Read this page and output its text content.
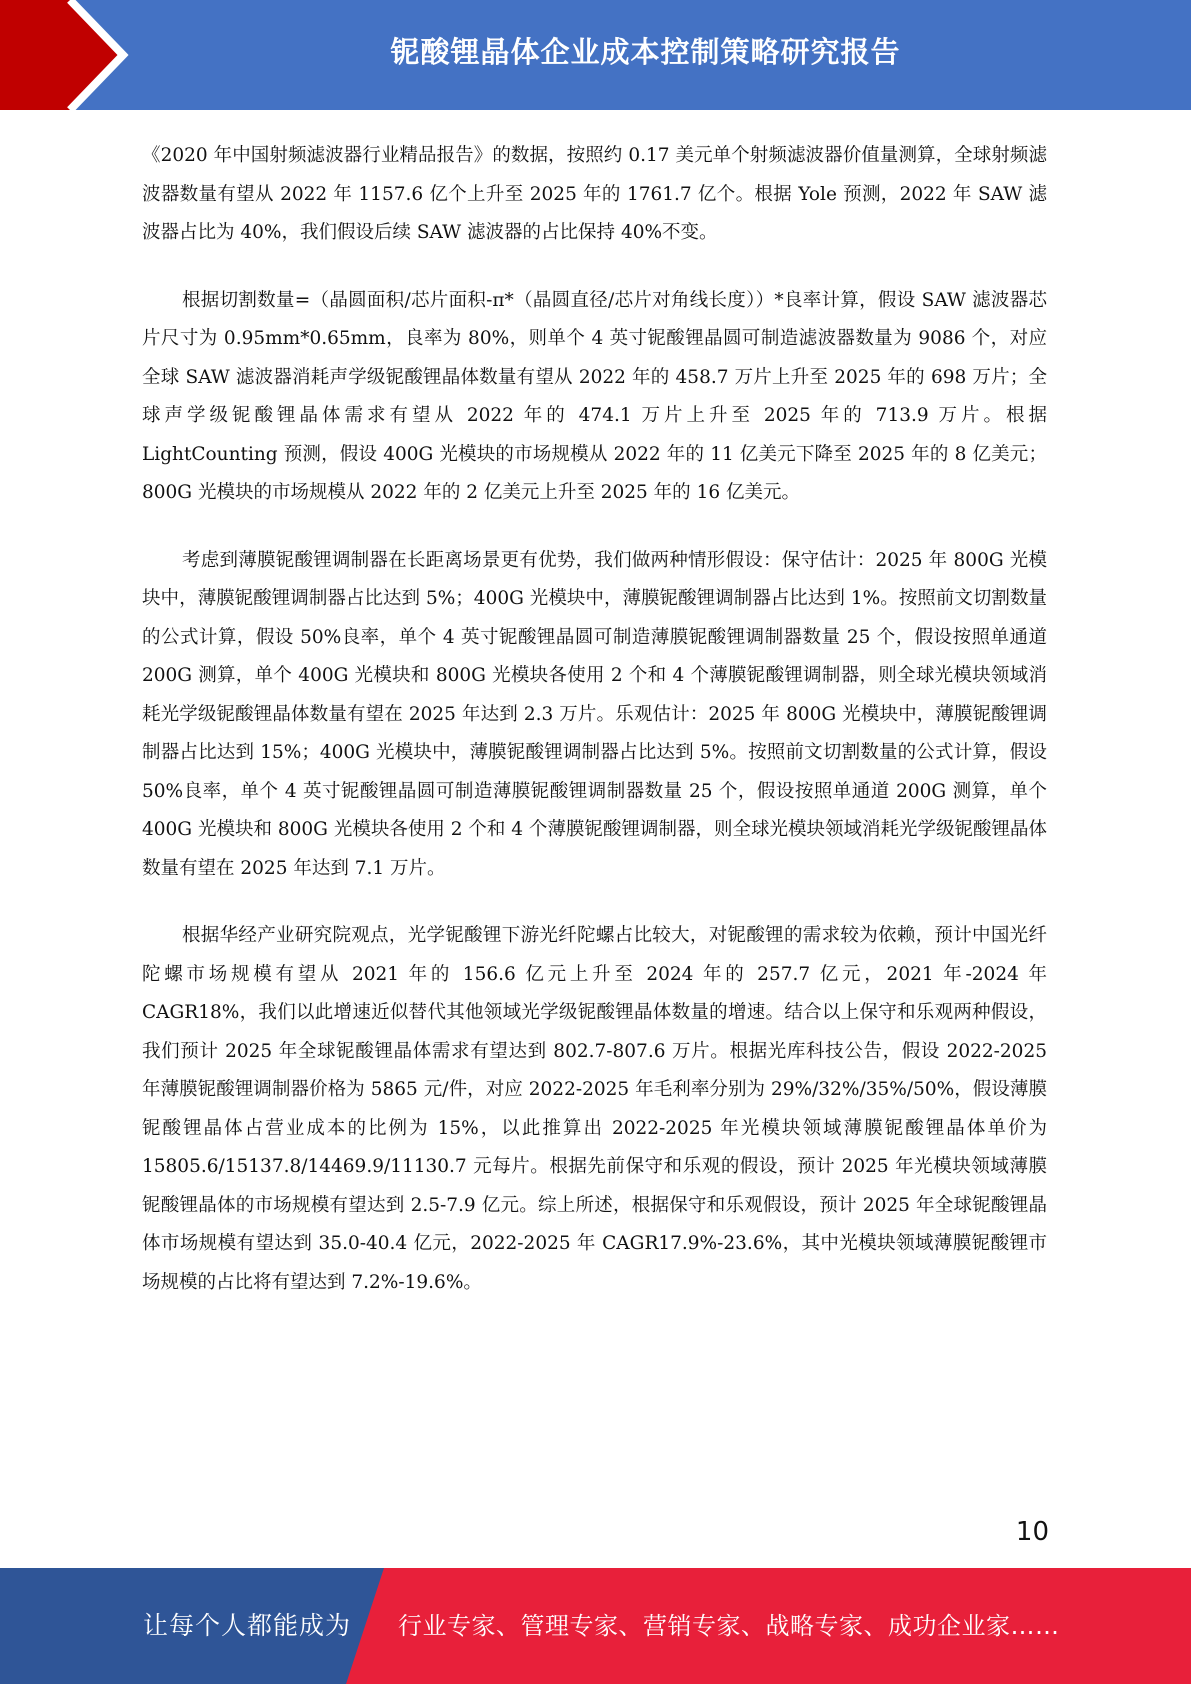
铌酸锂晶体企业成本控制策略研究报告

《2020 年中国射频滤波器行业精品报告》的数据，按照约 0.17 美元单个射频滤波器价值量测算，全球射频滤波器数量有望从 2022 年 1157.6 亿个上升至 2025 年的 1761.7 亿个。根据 Yole 预测，2022 年 SAW 滤波器占比为 40%，我们假设后续 SAW 滤波器的占比保持 40%不变。

根据切割数量=（晶圆面积/芯片面积-π*（晶圆直径/芯片对角线长度））*良率计算，假设 SAW 滤波器芯片尺寸为 0.95mm*0.65mm，良率为 80%，则单个 4 英寸铌酸锂晶圆可制造滤波器数量为 9086 个，对应全球 SAW 滤波器消耗声学级铌酸锂晶体数量有望从 2022 年的 458.7 万片上升至 2025 年的 698 万片；全球声学级铌酸锂晶体需求有望从 2022 年的 474.1 万片上升至 2025 年的 713.9 万片。根据 LightCounting 预测，假设 400G 光模块的市场规模从 2022 年的 11 亿美元下降至 2025 年的 8 亿美元；800G 光模块的市场规模从 2022 年的 2 亿美元上升至 2025 年的 16 亿美元。

考虑到薄膜铌酸锂调制器在长距离场景更有优势，我们做两种情形假设：保守估计：2025 年 800G 光模块中，薄膜铌酸锂调制器占比达到 5%；400G 光模块中，薄膜铌酸锂调制器占比达到 1%。按照前文切割数量的公式计算，假设 50%良率，单个 4 英寸铌酸锂晶圆可制造薄膜铌酸锂调制器数量 25 个，假设按照单通道 200G 测算，单个 400G 光模块和 800G 光模块各使用 2 个和 4 个薄膜铌酸锂调制器，则全球光模块领域消耗光学级铌酸锂晶体数量有望在 2025 年达到 2.3 万片。乐观估计：2025 年 800G 光模块中，薄膜铌酸锂调制器占比达到 15%；400G 光模块中，薄膜铌酸锂调制器占比达到 5%。按照前文切割数量的公式计算，假设 50%良率，单个 4 英寸铌酸锂晶圆可制造薄膜铌酸锂调制器数量 25 个，假设按照单通道 200G 测算，单个 400G 光模块和 800G 光模块各使用 2 个和 4 个薄膜铌酸锂调制器，则全球光模块领域消耗光学级铌酸锂晶体数量有望在 2025 年达到 7.1 万片。

根据华经产业研究院观点，光学铌酸锂下游光纤陀螺占比较大，对铌酸锂的需求较为依赖，预计中国光纤陀螺市场规模有望从 2021 年的 156.6 亿元上升至 2024 年的 257.7 亿元，2021 年-2024 年 CAGR18%，我们以此增速近似替代其他领域光学级铌酸锂晶体数量的增速。结合以上保守和乐观两种假设，我们预计 2025 年全球铌酸锂晶体需求有望达到 802.7-807.6 万片。根据光库科技公告，假设 2022-2025 年薄膜铌酸锂调制器价格为 5865 元/件，对应 2022-2025 年毛利率分别为 29%/32%/35%/50%，假设薄膜铌酸锂晶体占营业成本的比例为 15%，以此推算出 2022-2025 年光模块领域薄膜铌酸锂晶体单价为 15805.6/15137.8/14469.9/11130.7 元每片。根据先前保守和乐观的假设，预计 2025 年光模块领域薄膜铌酸锂晶体的市场规模有望达到 2.5-7.9 亿元。综上所述，根据保守和乐观假设，预计 2025 年全球铌酸锂晶体市场规模有望达到 35.0-40.4 亿元，2022-2025 年 CAGR17.9%-23.6%，其中光模块领域薄膜铌酸锂市场规模的占比将有望达到 7.2%-19.6%。

10
让每个人都能成为 行业专家、管理专家、营销专家、战略专家、成功企业家……
